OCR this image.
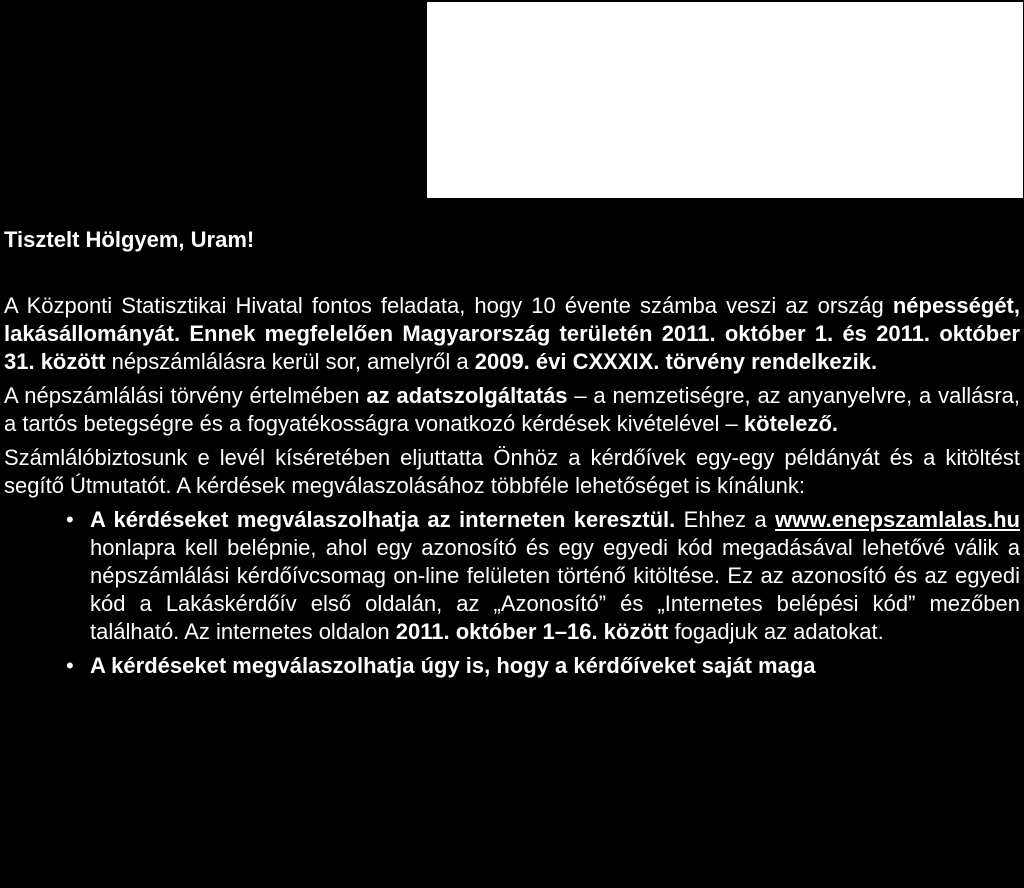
Tisztelt Hölgyem, Uram!

A Központi Statisztikai Hivatal fontos feladata, hogy 10 évente számba veszi az ország népességét, lakásállományát. Ennek megfelelően Magyarország területén 2011. október 1. és 2011. október 31. között népszámlálásra kerül sor, amelyről a 2009. évi CXXXIX. törvény rendelkezik.

A népszámlálási törvény értelmében az adatszolgáltatás – a nemzetiségre, az anyanyelvre, a vallásra, a tartós betegségre és a fogyatékosságra vonatkozó kérdések kivételével – kötelező.

Számlálóbiztosunk e levél kíséretében eljuttatta Önhöz a kérdőívek egy-egy példányát és a kitöltést segítő Útmutatót. A kérdések megválaszolásához többféle lehetőséget is kínálunk:

• A kérdéseket megválaszolhatja az interneten keresztül. Ehhez a www.enepszamlalas.hu honlapra kell belépnie, ahol egy azonosító és egy egyedi kód megadásával lehetővé válik a népszámlálási kérdőívcsomag on-line felületen történő kitöltése. Ez az azonosító és az egyedi kód a Lakáskérdőív első oldalán, az „Azonosító” és „Internetes belépési kód” mezőben található. Az internetes oldalon 2011. október 1–16. között fogadjuk az adatokat.
• A kérdéseket megválaszolhatja úgy is, hogy a kérdőíveket saját maga
